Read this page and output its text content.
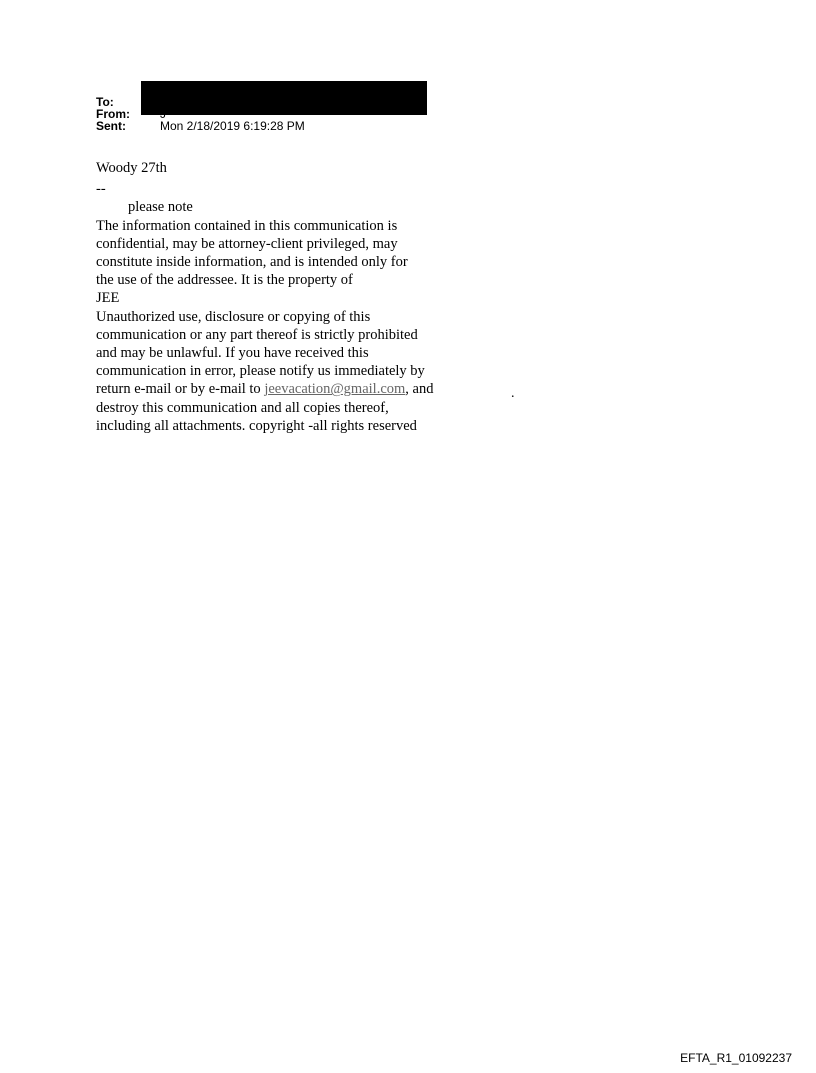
To:
From:	J
Sent:	Mon 2/18/2019 6:19:28 PM

Woody 27th

--

please note

The information contained in this communication is

confidential, may be attorney-client privileged, may

constitute inside information, and is intended only for

the use of the addressee. It is the property of

JEE

Unauthorized use, disclosure or copying of this

communication or any part thereof is strictly prohibited

and may be unlawful. If you have received this

communication in error, please notify us immediately by

return e-mail or by e-mail to jeevacation@gmail.com, and

destroy this communication and all copies thereof,

including all attachments. copyright -all rights reserved

.
EFTA_R1_01092237
